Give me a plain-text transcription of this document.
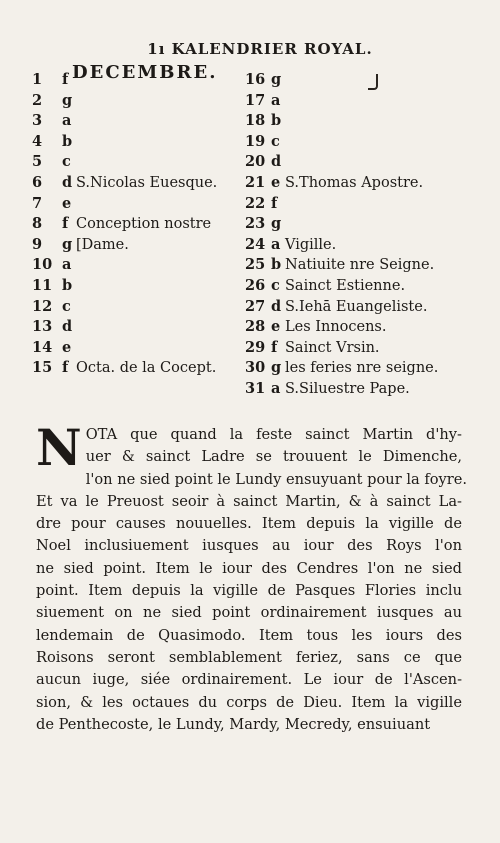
1ı KALENDRIER ROYAL.
DECEMBRE.
1	f
2	g
3	a
4	b
5	c
6	d S.Nicolas Euesque.
7	e
8	f Conception nostre
9	g [Dame.
10 a
11 b
12 c
13 d
14 e
15 f Octa. de la Cocept.
16 g
17 a
18 b
19 c
20 d
21 e S.Thomas Apostre.
22 f
23 g
24 a Vigille.
25 b Natiuite nre Seigne.
26 c Sainct Estienne.
27 d S.Iehā Euangeliste.
28 e Les Innocens.
29 f Sainct Vrsin.
30 g les feries nre seigne.
31 a S.Siluestre Pape.
N OTA que quand la feste sainct Martin d'hy-
uer & sainct Ladre se trouuent le Dimenche,
l'on ne sied point le Lundy ensuyuant pour la foyre.
Et va le Preuost seoir à sainct Martin, & à sainct La-
dre pour causes nouuelles. Item depuis la vigille de
Noel inclusiuement iusques au iour des Roys l'on
ne sied point. Item le iour des Cendres l'on ne sied
point. Item depuis la vigille de Pasques Flories inclu
siuement on ne sied point ordinairement iusques au
lendemain de Quasimodo. Item tous les iours des
Roisons seront semblablement feriez, sans ce que
aucun iuge, siée ordinairement. Le iour de l'Ascen-
sion, & les octaues du corps de Dieu. Item la vigille
de Penthecoste, le Lundy, Mardy, Mecredy, ensuiuant
